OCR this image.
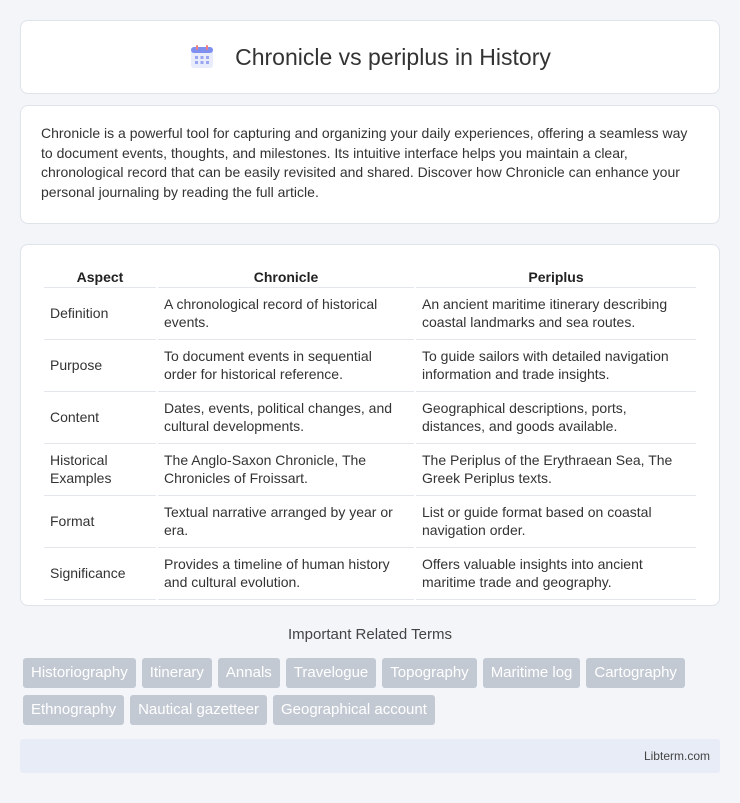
Chronicle vs periplus in History

Chronicle is a powerful tool for capturing and organizing your daily experiences, offering a seamless way to document events, thoughts, and milestones. Its intuitive interface helps you maintain a clear, chronological record that can be easily revisited and shared. Discover how Chronicle can enhance your personal journaling by reading the full article.

Aspect	Chronicle	Periplus
Definition	A chronological record of historical events.	An ancient maritime itinerary describing coastal landmarks and sea routes.
Purpose	To document events in sequential order for historical reference.	To guide sailors with detailed navigation information and trade insights.
Content	Dates, events, political changes, and cultural developments.	Geographical descriptions, ports, distances, and goods available.
Historical Examples	The Anglo-Saxon Chronicle, The Chronicles of Froissart.	The Periplus of the Erythraean Sea, The Greek Periplus texts.
Format	Textual narrative arranged by year or era.	List or guide format based on coastal navigation order.
Significance	Provides a timeline of human history and cultural evolution.	Offers valuable insights into ancient maritime trade and geography.
Important Related Terms
Historiography	Itinerary	Annals	Travelogue	Topography	Maritime log	Cartography
Ethnography	Nautical gazetteer	Geographical account
Libterm.com
